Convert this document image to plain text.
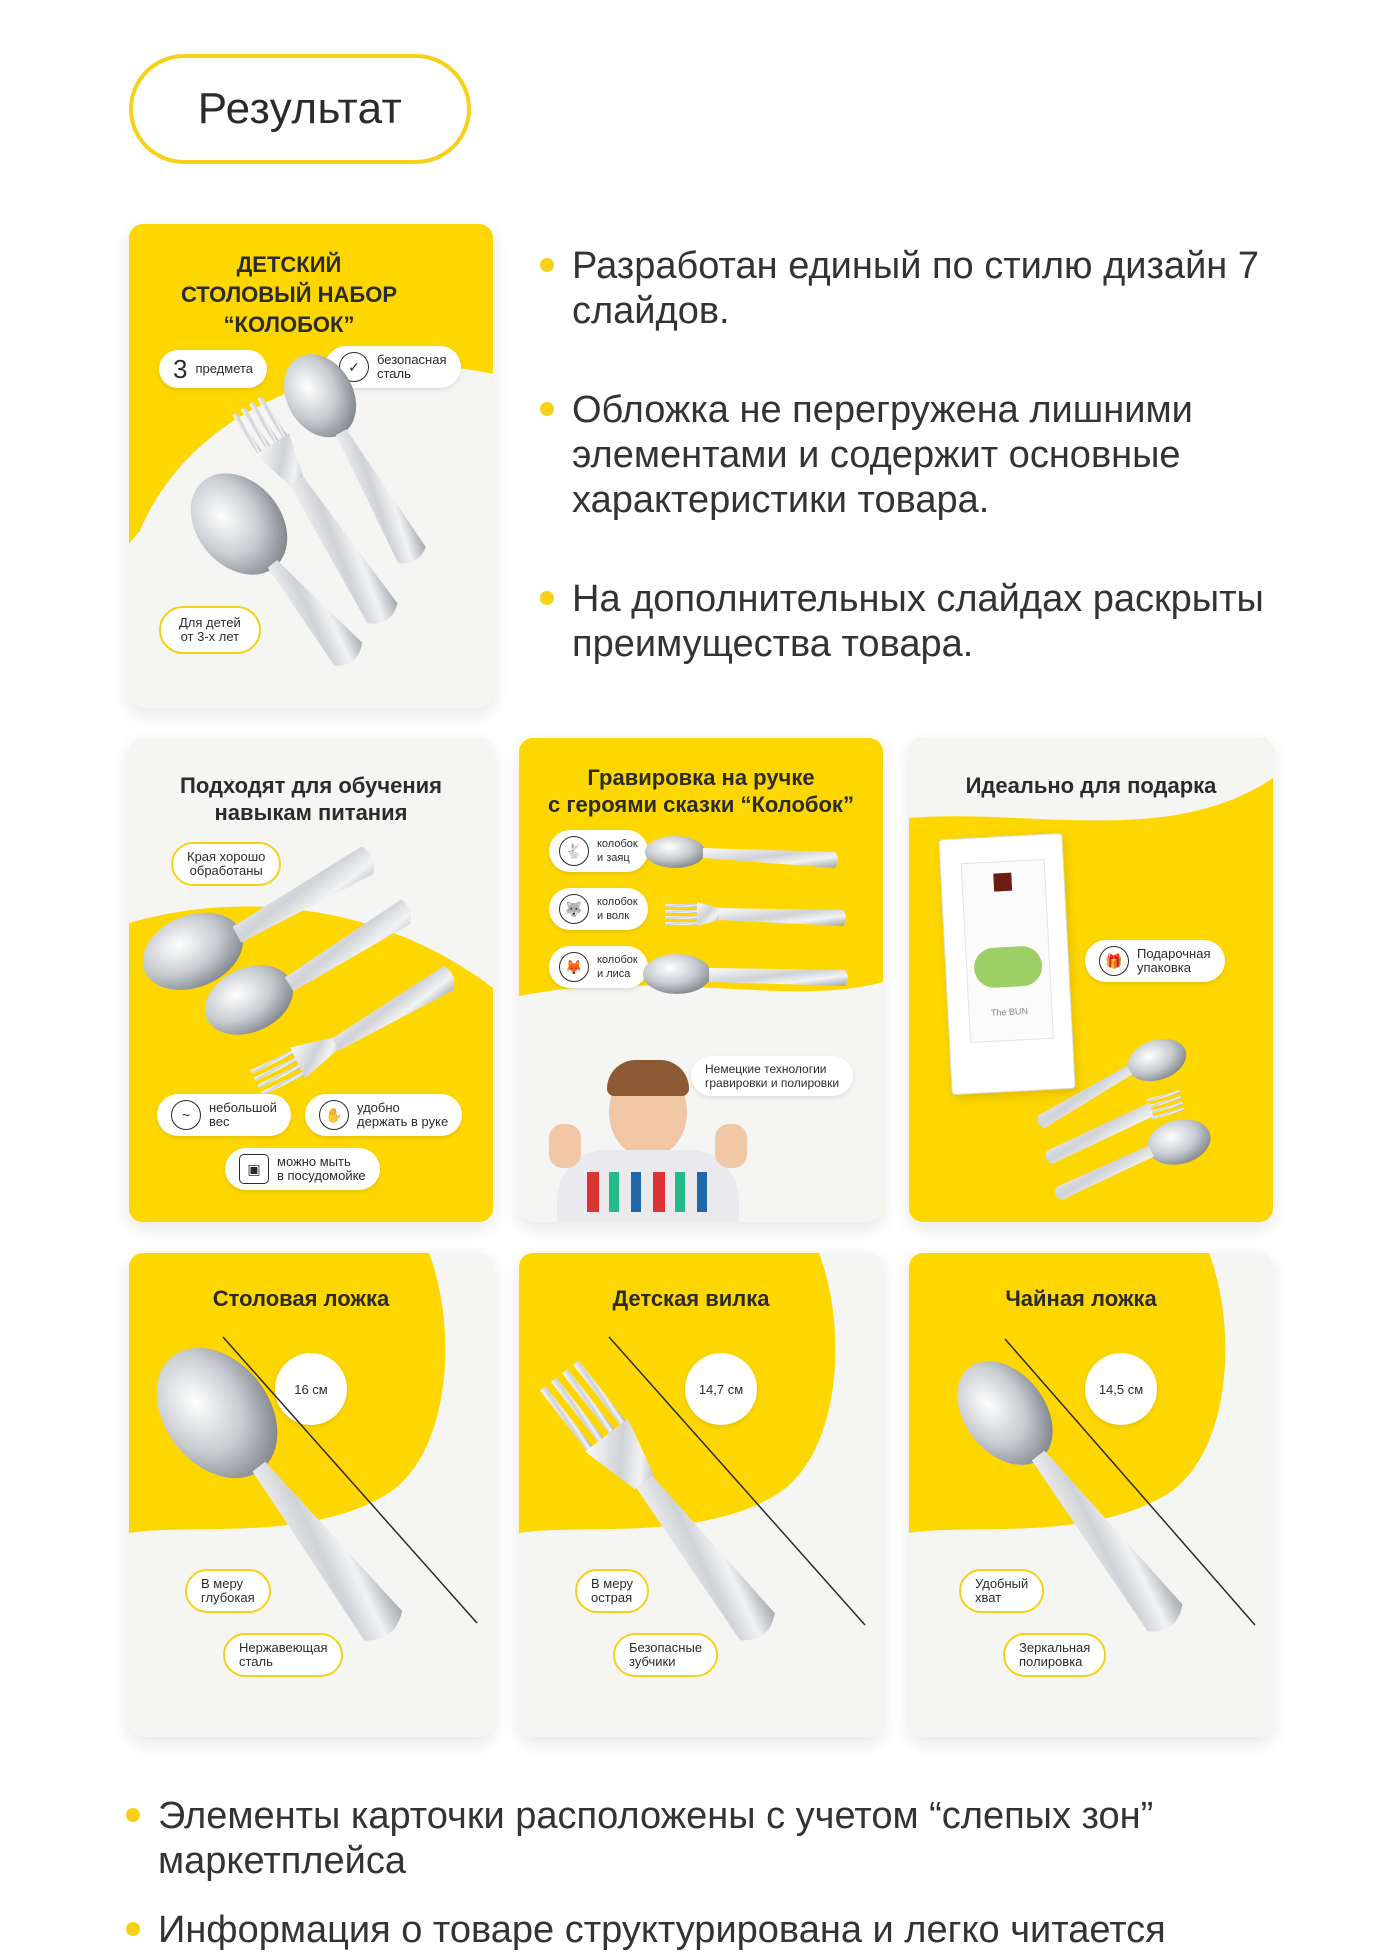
Результат
Разработан единый по стилю дизайн 7 слайдов.
Обложка не перегружена лишними элементами и содержит основные характеристики товара.
На дополнительных слайдах раскрыты преимущества товара.
ДЕТСКИЙ
СТОЛОВЫЙ НАБОР
“КОЛОБОК”
3 предмета	✓	безопасная
сталь
Для детей
от 3-х лет
Подходят для обучения
навыкам питания
Края хорошо
обработаны
~	небольшой
вес	✋	удобно
держать в руке
▣	можно мыть
в посудомойке
Гравировка на ручке
с героями сказки “Колобок”
🐇	колобок
и заяц
🐺	колобок
и волк
🦊	колобок
и лиса
Немецкие технологии
гравировки и полировки
Идеально для подарка
The BUN
🎁	Подарочная
упаковка
Столовая ложка
16 см
В меру
глубокая
Нержавеющая
сталь
Детская вилка
14,7 см
В меру
острая
Безопасные
зубчики
Чайная ложка
14,5 см
Удобный
хват
Зеркальная
полировка
Элементы карточки расположены с учетом “слепых зон” маркетплейса
Информация о товаре структурирована и легко читается
